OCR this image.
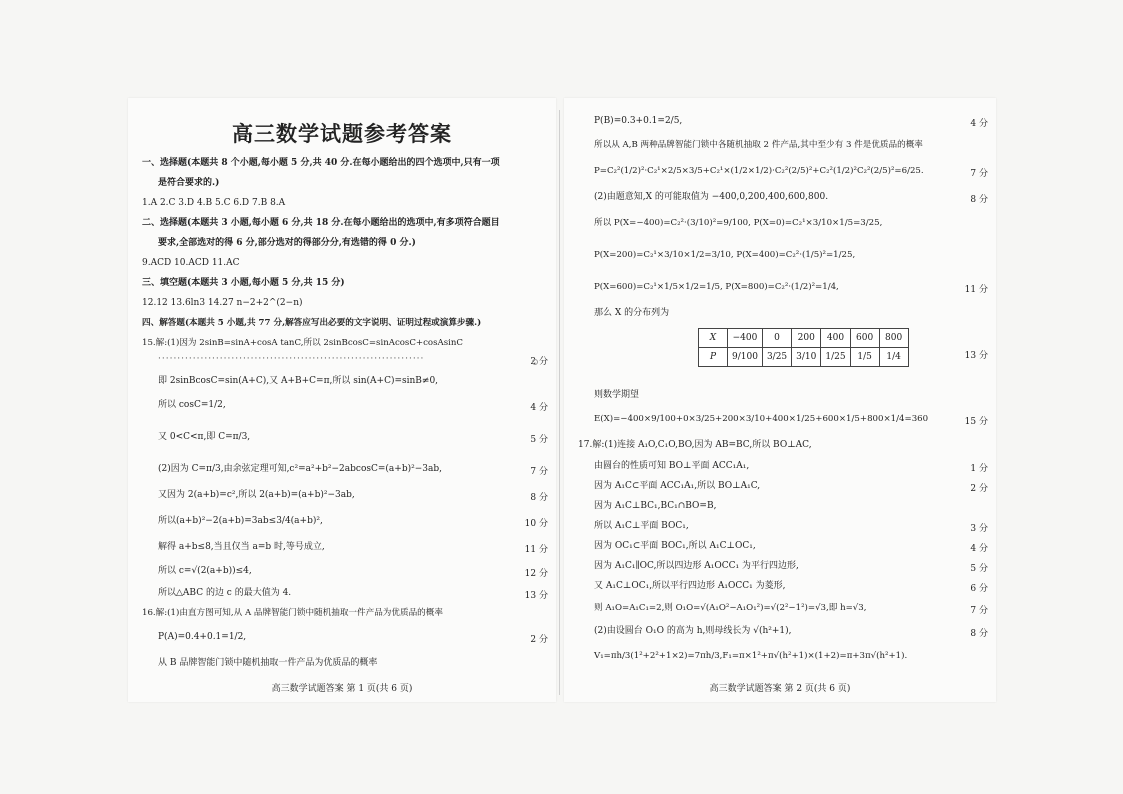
高三数学试题参考答案
一、选择题(本题共 8 个小题,每小题 5 分,共 40 分.在每小题给出的四个选项中,只有一项
是符合要求的.)
1.A 2.C 3.D 4.B 5.C 6.D 7.B 8.A
二、选择题(本题共 3 小题,每小题 6 分,共 18 分.在每小题给出的选项中,有多项符合题目
要求,全部选对的得 6 分,部分选对的得部分分,有选错的得 0 分.)
9.ACD 10.ACD 11.AC
三、填空题(本题共 3 小题,每小题 5 分,共 15 分)
12.12 13.6ln3 14.27 n−2+2^(2−n)
四、解答题(本题共 5 小题,共 77 分,解答应写出必要的文字说明、证明过程或演算步骤.)
15.解:(1)因为 2sinB=sinA+cosA tanC,所以 2sinBcosC=sinAcosC+cosAsinC
·····································································	2 分
即 2sinBcosC=sin(A+C),又 A+B+C=π,所以 sin(A+C)=sinB≠0,
所以 cosC=1/2,	4 分
又 0<C<π,即 C=π/3,	5 分
(2)因为 C=π/3,由余弦定理可知,c²=a²+b²−2abcosC=(a+b)²−3ab,	7 分
又因为 2(a+b)=c²,所以 2(a+b)=(a+b)²−3ab,	8 分
所以(a+b)²−2(a+b)=3ab≤3/4(a+b)²,	10 分
解得 a+b≤8,当且仅当 a=b 时,等号成立,	11 分
所以 c=√(2(a+b))≤4,	12 分
所以△ABC 的边 c 的最大值为 4.	13 分
16.解:(1)由直方图可知,从 A 品牌智能门锁中随机抽取一件产品为优质品的概率
P(A)=0.4+0.1=1/2,	2 分
从 B 品牌智能门锁中随机抽取一件产品为优质品的概率
高三数学试题答案 第 1 页(共 6 页)
P(B)=0.3+0.1=2/5,	4 分
所以从 A,B 两种品牌智能门锁中各随机抽取 2 件产品,其中至少有 3 件是优质品的概率
P=C₂²(1/2)²·C₂¹×2/5×3/5+C₂¹×(1/2×1/2)·C₂²(2/5)²+C₂²(1/2)²C₂²(2/5)²=6/25.	7 分
(2)由题意知,X 的可能取值为 −400,0,200,400,600,800.	8 分
所以 P(X=−400)=C₂²·(3/10)²=9/100, P(X=0)=C₂¹×3/10×1/5=3/25,
P(X=200)=C₂¹×3/10×1/2=3/10, P(X=400)=C₂²·(1/5)²=1/25,
P(X=600)=C₂¹×1/5×1/2=1/5, P(X=800)=C₂²·(1/2)²=1/4,	11 分
那么 X 的分布列为
X	−400	0	200	400	600	800
P	9/100	3/25	3/10	1/25	1/5	1/4	13 分
则数学期望
E(X)=−400×9/100+0×3/25+200×3/10+400×1/25+600×1/5+800×1/4=360	15 分
17.解:(1)连接 A₁O,C₁O,BO,因为 AB=BC,所以 BO⊥AC,
由圆台的性质可知 BO⊥平面 ACC₁A₁,	1 分
因为 A₁C⊂平面 ACC₁A₁,所以 BO⊥A₁C,	2 分
因为 A₁C⊥BC₁,BC₁∩BO=B,
所以 A₁C⊥平面 BOC₁,	3 分
因为 OC₁⊂平面 BOC₁,所以 A₁C⊥OC₁,	4 分
因为 A₁C₁∥OC,所以四边形 A₁OCC₁ 为平行四边形,	5 分
又 A₁C⊥OC₁,所以平行四边形 A₁OCC₁ 为菱形,	6 分
则 A₁O=A₁C₁=2,则 O₁O=√(A₁O²−A₁O₁²)=√(2²−1²)=√3,即 h=√3,	7 分
(2)由设圆台 O₁O 的高为 h,则母线长为 √(h²+1),	8 分
V₁=πh/3(1²+2²+1×2)=7πh/3,F₁=π×1²+π√(h²+1)×(1+2)=π+3π√(h²+1).
高三数学试题答案 第 2 页(共 6 页)
